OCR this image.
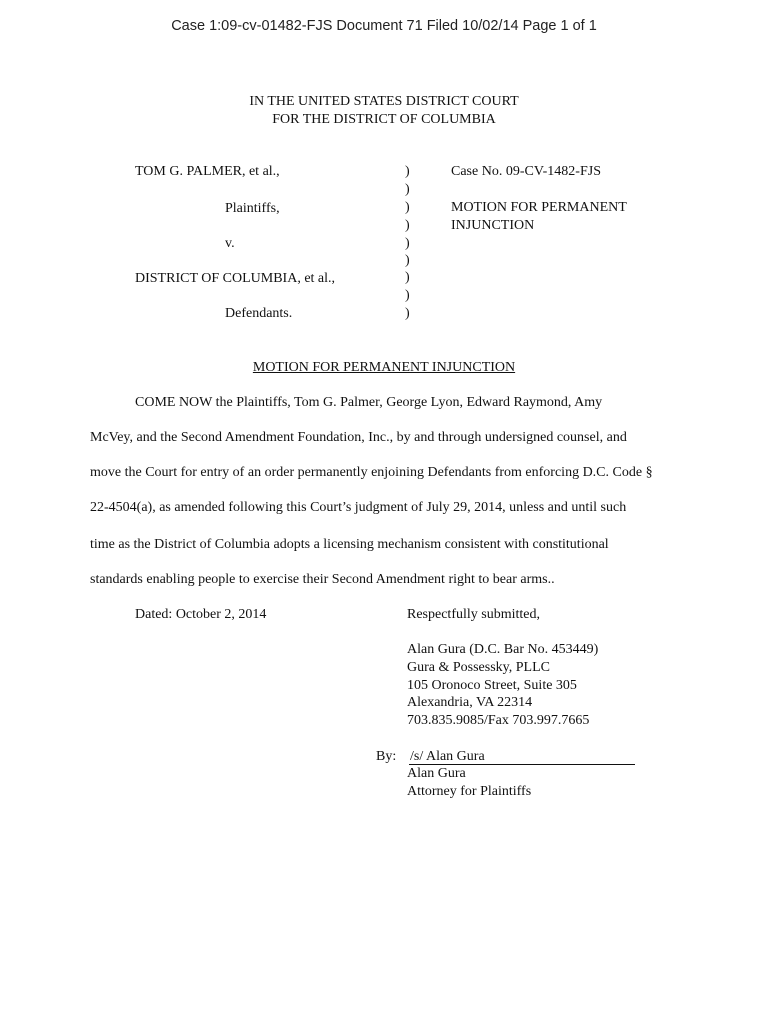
Case 1:09-cv-01482-FJS Document 71 Filed 10/02/14 Page 1 of 1
IN THE UNITED STATES DISTRICT COURT
FOR THE DISTRICT OF COLUMBIA
TOM G. PALMER, et al.,
Plaintiffs,
v.
DISTRICT OF COLUMBIA, et al.,
Defendants.
)
)
)
)
)
)
)
)
)
Case No. 09-CV-1482-FJS
MOTION FOR PERMANENT
INJUNCTION
MOTION FOR PERMANENT INJUNCTION
COME NOW the Plaintiffs, Tom G. Palmer, George Lyon, Edward Raymond, Amy
McVey, and the Second Amendment Foundation, Inc., by and through undersigned counsel, and
move the Court for entry of an order permanently enjoining Defendants from enforcing D.C. Code §
22-4504(a), as amended following this Court’s judgment of July 29, 2014, unless and until such
time as the District of Columbia adopts a licensing mechanism consistent with constitutional
standards enabling people to exercise their Second Amendment right to bear arms..
Dated: October 2, 2014	Respectfully submitted,
Alan Gura (D.C. Bar No. 453449)
Gura & Possessky, PLLC
105 Oronoco Street, Suite 305
Alexandria, VA 22314
703.835.9085/Fax 703.997.7665
By: /s/ Alan Gura
Alan Gura
Attorney for Plaintiffs
